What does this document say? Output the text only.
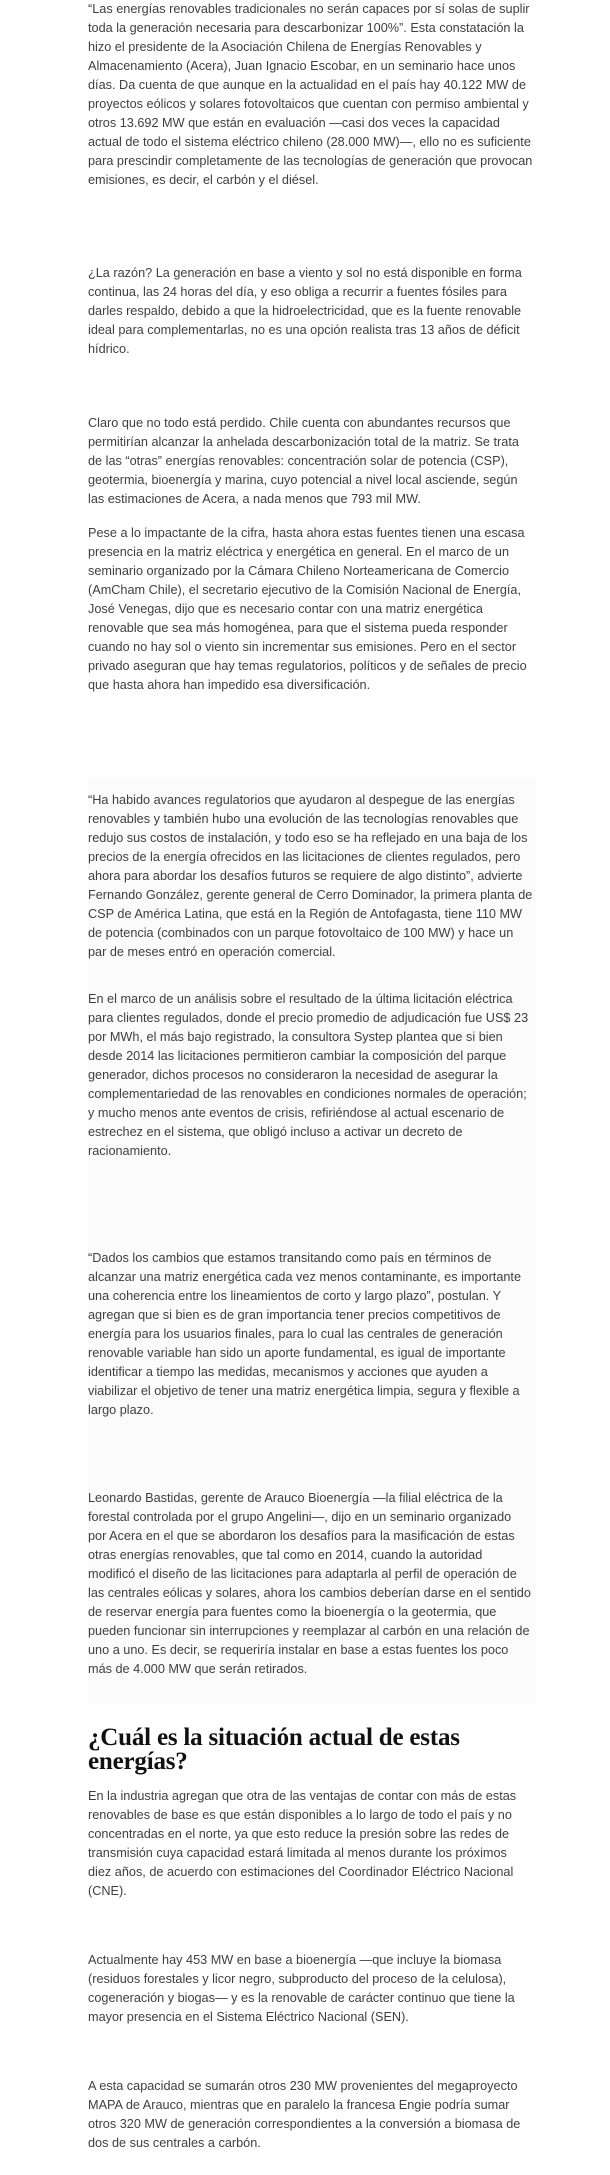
“Las energías renovables tradicionales no serán capaces por sí solas de suplir toda la generación necesaria para descarbonizar 100%”. Esta constatación la hizo el presidente de la Asociación Chilena de Energías Renovables y Almacenamiento (Acera), Juan Ignacio Escobar, en un seminario hace unos días. Da cuenta de que aunque en la actualidad en el país hay 40.122 MW de proyectos eólicos y solares fotovoltaicos que cuentan con permiso ambiental y otros 13.692 MW que están en evaluación —casi dos veces la capacidad actual de todo el sistema eléctrico chileno (28.000 MW)—, ello no es suficiente para prescindir completamente de las tecnologías de generación que provocan emisiones, es decir, el carbón y el diésel.

¿La razón? La generación en base a viento y sol no está disponible en forma continua, las 24 horas del día, y eso obliga a recurrir a fuentes fósiles para darles respaldo, debido a que la hidroelectricidad, que es la fuente renovable ideal para complementarlas, no es una opción realista tras 13 años de déficit hídrico.

Claro que no todo está perdido. Chile cuenta con abundantes recursos que permitirían alcanzar la anhelada descarbonización total de la matriz. Se trata de las “otras” energías renovables: concentración solar de potencia (CSP), geotermia, bioenergía y marina, cuyo potencial a nivel local asciende, según las estimaciones de Acera, a nada menos que 793 mil MW.

Pese a lo impactante de la cifra, hasta ahora estas fuentes tienen una escasa presencia en la matriz eléctrica y energética en general. En el marco de un seminario organizado por la Cámara Chileno Norteamericana de Comercio (AmCham Chile), el secretario ejecutivo de la Comisión Nacional de Energía, José Venegas, dijo que es necesario contar con una matriz energética renovable que sea más homogénea, para que el sistema pueda responder cuando no hay sol o viento sin incrementar sus emisiones. Pero en el sector privado aseguran que hay temas regulatorios, políticos y de señales de precio que hasta ahora han impedido esa diversificación.

“Ha habido avances regulatorios que ayudaron al despegue de las energías renovables y también hubo una evolución de las tecnologías renovables que redujo sus costos de instalación, y todo eso se ha reflejado en una baja de los precios de la energía ofrecidos en las licitaciones de clientes regulados, pero ahora para abordar los desafíos futuros se requiere de algo distinto”, advierte Fernando González, gerente general de Cerro Dominador, la primera planta de CSP de América Latina, que está en la Región de Antofagasta, tiene 110 MW de potencia (combinados con un parque fotovoltaico de 100 MW) y hace un par de meses entró en operación comercial.

En el marco de un análisis sobre el resultado de la última licitación eléctrica para clientes regulados, donde el precio promedio de adjudicación fue US$ 23 por MWh, el más bajo registrado, la consultora Systep plantea que si bien desde 2014 las licitaciones permitieron cambiar la composición del parque generador, dichos procesos no consideraron la necesidad de asegurar la complementariedad de las renovables en condiciones normales de operación; y mucho menos ante eventos de crisis, refiriéndose al actual escenario de estrechez en el sistema, que obligó incluso a activar un decreto de racionamiento.

“Dados los cambios que estamos transitando como país en términos de alcanzar una matriz energética cada vez menos contaminante, es importante una coherencia entre los lineamientos de corto y largo plazo”, postulan. Y agregan que si bien es de gran importancia tener precios competitivos de energía para los usuarios finales, para lo cual las centrales de generación renovable variable han sido un aporte fundamental, es igual de importante identificar a tiempo las medidas, mecanismos y acciones que ayuden a viabilizar el objetivo de tener una matriz energética limpia, segura y flexible a largo plazo.

Leonardo Bastidas, gerente de Arauco Bioenergía —la filial eléctrica de la forestal controlada por el grupo Angelini—, dijo en un seminario organizado por Acera en el que se abordaron los desafíos para la masificación de estas otras energías renovables, que tal como en 2014, cuando la autoridad modificó el diseño de las licitaciones para adaptarla al perfil de operación de las centrales eólicas y solares, ahora los cambios deberían darse en el sentido de reservar energía para fuentes como la bioenergía o la geotermia, que pueden funcionar sin interrupciones y reemplazar al carbón en una relación de uno a uno. Es decir, se requeriría instalar en base a estas fuentes los poco más de 4.000 MW que serán retirados.

¿Cuál es la situación actual de estas energías?

En la industria agregan que otra de las ventajas de contar con más de estas renovables de base es que están disponibles a lo largo de todo el país y no concentradas en el norte, ya que esto reduce la presión sobre las redes de transmisión cuya capacidad estará limitada al menos durante los próximos diez años, de acuerdo con estimaciones del Coordinador Eléctrico Nacional (CNE).

Actualmente hay 453 MW en base a bioenergía —que incluye la biomasa (residuos forestales y licor negro, subproducto del proceso de la celulosa), cogeneración y biogas— y es la renovable de carácter continuo que tiene la mayor presencia en el Sistema Eléctrico Nacional (SEN).

A esta capacidad se sumarán otros 230 MW provenientes del megaproyecto MAPA de Arauco, mientras que en paralelo la francesa Engie podría sumar otros 320 MW de generación correspondientes a la conversión a biomasa de dos de sus centrales a carbón.
